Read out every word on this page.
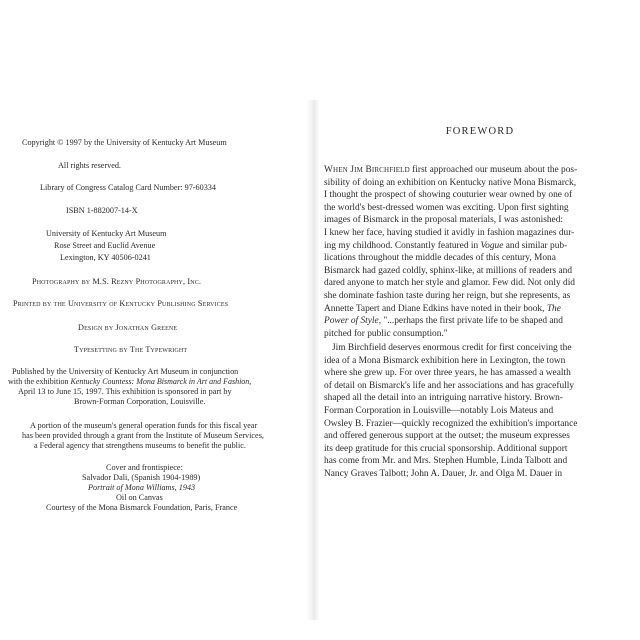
Copyright © 1997 by the University of Kentucky Art Museum

All rights reserved.

Library of Congress Catalog Card Number: 97-60334

ISBN 1-882007-14-X

University of Kentucky Art Museum

Rose Street and Euclid Avenue

Lexington, KY 40506-0241

Photography by M.S. Rezny Photography, Inc.

Printed by the University of Kentucky Publishing Services

Design by Jonathan Greene

Typesetting by The Typewright

Published by the University of Kentucky Art Museum in conjunction

with the exhibition Kentucky Countess: Mona Bismarck in Art and Fashion,

April 13 to June 15, 1997. This exhibition is sponsored in part by

Brown-Forman Corporation, Louisville.

A portion of the museum's general operation funds for this fiscal year

has been provided through a grant from the Institute of Museum Services,

a Federal agency that strengthens museums to benefit the public.

Cover and frontispiece:

Salvador Dali, (Spanish 1904-1989)

Portrait of Mona Williams, 1943

Oil on Canvas

Courtesy of the Mona Bismarck Foundation, Paris, France

FOREWORD
When Jim Birchfield first approached our museum about the pos-
sibility of doing an exhibition on Kentucky native Mona Bismarck,
I thought the prospect of showing couturier wear owned by one of
the world's best-dressed women was exciting. Upon first sighting
images of Bismarck in the proposal materials, I was astonished:
I knew her face, having studied it avidly in fashion magazines dur-
ing my childhood. Constantly featured in Vogue and similar pub-
lications throughout the middle decades of this century, Mona
Bismarck had gazed coldly, sphinx-like, at millions of readers and
dared anyone to match her style and glamor. Few did. Not only did
she dominate fashion taste during her reign, but she represents, as
Annette Tapert and Diane Edkins have noted in their book, The
Power of Style, "...perhaps the first private life to be shaped and
pitched for public consumption."
Jim Birchfield deserves enormous credit for first conceiving the
idea of a Mona Bismarck exhibition here in Lexington, the town
where she grew up. For over three years, he has amassed a wealth
of detail on Bismarck's life and her associations and has gracefully
shaped all the detail into an intriguing narrative history. Brown-
Forman Corporation in Louisville—notably Lois Mateus and
Owsley B. Frazier—quickly recognized the exhibition's importance
and offered generous support at the outset; the museum expresses
its deep gratitude for this crucial sponsorship. Additional support
has come from Mr. and Mrs. Stephen Humble, Linda Talbott and
Nancy Graves Talbott; John A. Dauer, Jr. and Olga M. Dauer in
